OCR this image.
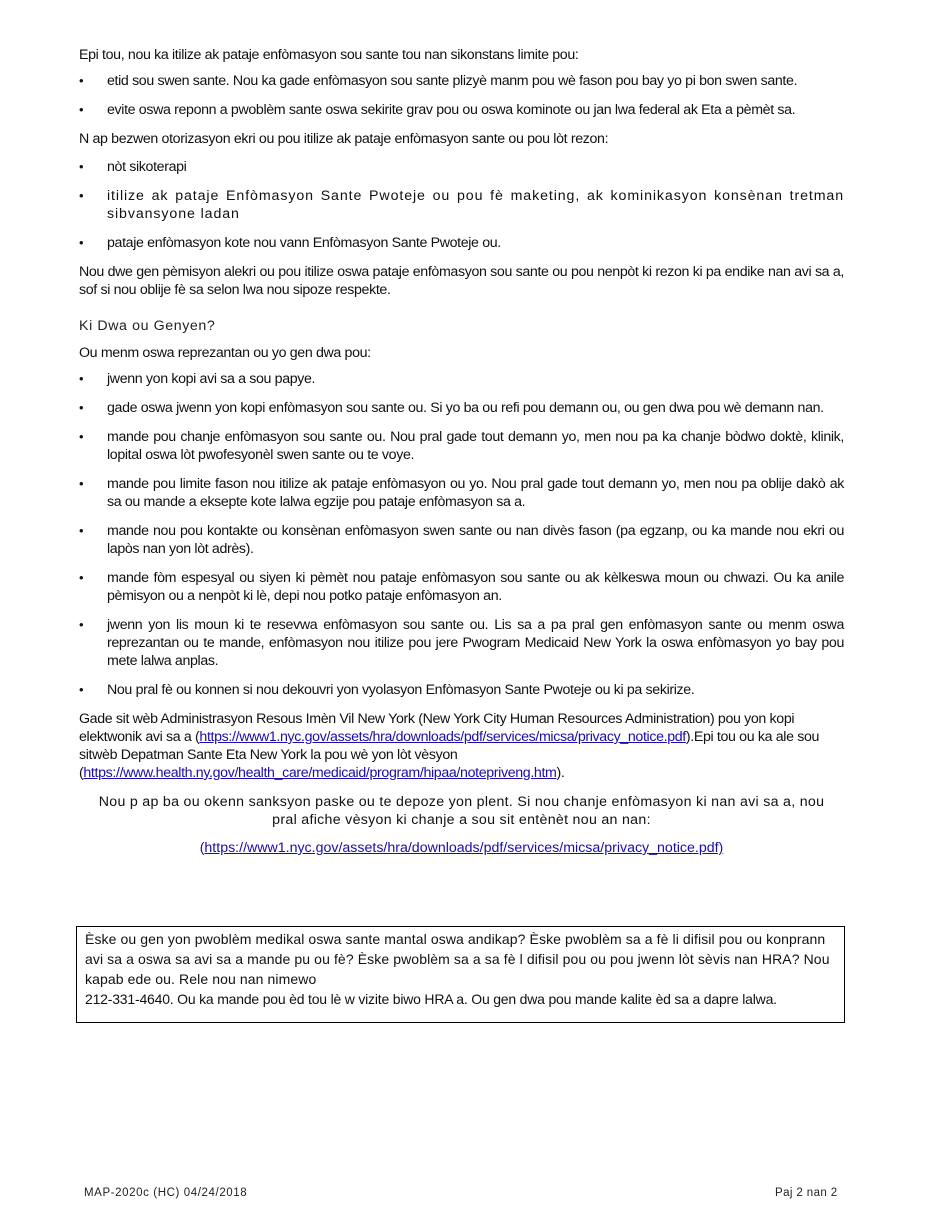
Epi tou, nou ka itilize ak pataje enfòmasyon sou sante tou nan sikonstans limite pou:

• etid sou swen sante. Nou ka gade enfòmasyon sou sante plizyè manm pou wè fason pou bay yo pi bon swen sante.
• evite oswa reponn a pwoblèm sante oswa sekirite grav pou ou oswa kominote ou jan lwa federal ak Eta a pèmèt sa.

N ap bezwen otorizasyon ekri ou pou itilize ak pataje enfòmasyon sante ou pou lòt rezon:

• nòt sikoterapi
• itilize ak pataje Enfòmasyon Sante Pwoteje ou pou fè maketing, ak kominikasyon konsènan tretman sibvansyone ladan
• pataje enfòmasyon kote nou vann Enfòmasyon Sante Pwoteje ou.

Nou dwe gen pèmisyon alekri ou pou itilize oswa pataje enfòmasyon sou sante ou pou nenpòt ki rezon ki pa endike nan avi sa a, sof si nou oblije fè sa selon lwa nou sipoze respekte.

Ki Dwa ou Genyen?

Ou menm oswa reprezantan ou yo gen dwa pou:

• jwenn yon kopi avi sa a sou papye.
• gade oswa jwenn yon kopi enfòmasyon sou sante ou. Si yo ba ou refi pou demann ou, ou gen dwa pou wè demann nan.
• mande pou chanje enfòmasyon sou sante ou. Nou pral gade tout demann yo, men nou pa ka chanje bòdwo doktè, klinik, lopital oswa lòt pwofesyonèl swen sante ou te voye.
• mande pou limite fason nou itilize ak pataje enfòmasyon ou yo. Nou pral gade tout demann yo, men nou pa oblije dakò ak sa ou mande a eksepte kote lalwa egzije pou pataje enfòmasyon sa a.
• mande nou pou kontakte ou konsènan enfòmasyon swen sante ou nan divès fason (pa egzanp, ou ka mande nou ekri ou lapòs nan yon lòt adrès).
• mande fòm espesyal ou siyen ki pèmèt nou pataje enfòmasyon sou sante ou ak kèlkeswa moun ou chwazi. Ou ka anile pèmisyon ou a nenpòt ki lè, depi nou potko pataje enfòmasyon an.
• jwenn yon lis moun ki te resevwa enfòmasyon sou sante ou. Lis sa a pa pral gen enfòmasyon sante ou menm oswa reprezantan ou te mande, enfòmasyon nou itilize pou jere Pwogram Medicaid New York la oswa enfòmasyon yo bay pou mete lalwa anplas.
• Nou pral fè ou konnen si nou dekouvri yon vyolasyon Enfòmasyon Sante Pwoteje ou ki pa sekirize.

Gade sit wèb Administrasyon Resous Imèn Vil New York (New York City Human Resources Administration) pou yon kopi elektwonik avi sa a (https://www1.nyc.gov/assets/hra/downloads/pdf/services/micsa/privacy_notice.pdf).Epi tou ou ka ale sou sitwèb Depatman Sante Eta New York la pou wè yon lòt vèsyon (https://www.health.ny.gov/health_care/medicaid/program/hipaa/notepriveng.htm).

Nou p ap ba ou okenn sanksyon paske ou te depoze yon plent. Si nou chanje enfòmasyon ki nan avi sa a, nou pral afiche vèsyon ki chanje a sou sit entènèt nou an nan:

(https://www1.nyc.gov/assets/hra/downloads/pdf/services/micsa/privacy_notice.pdf)

Èske ou gen yon pwoblèm medikal oswa sante mantal oswa andikap? Èske pwoblèm sa a fè li difisil pou ou konprann avi sa a oswa sa avi sa a mande pu ou fè? Èske pwoblèm sa a sa fè l difisil pou ou pou jwenn lòt sèvis nan HRA? Nou kapab ede ou. Rele nou nan nimewo

212-331-4640. Ou ka mande pou èd tou lè w vizite biwo HRA a. Ou gen dwa pou mande kalite èd sa a dapre lalwa.

MAP-2020c (HC) 04/24/2018	Paj 2 nan 2
